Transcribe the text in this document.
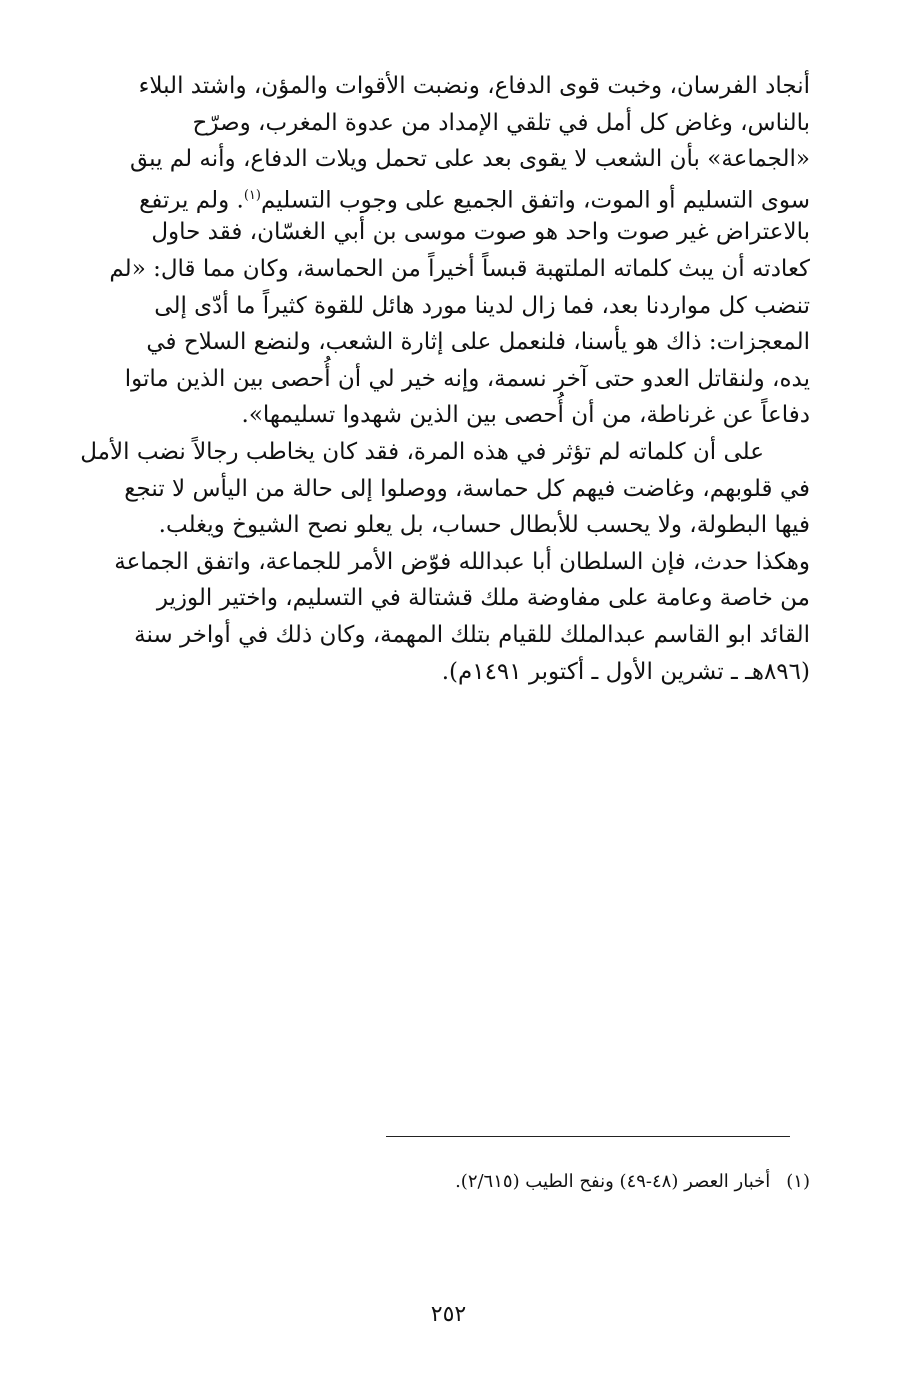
أنجاد الفرسان، وخبت قوى الدفاع، ونضبت الأقوات والمؤن، واشتد البلاء
بالناس، وغاض كل أمل في تلقي الإمداد من عدوة المغرب، وصرّح
«الجماعة» بأن الشعب لا يقوى بعد على تحمل ويلات الدفاع، وأنه لم يبق
سوى التسليم أو الموت، واتفق الجميع على وجوب التسليم$^{(١)}$. ولم يرتفع
بالاعتراض غير صوت واحد هو صوت موسى بن أبي الغسّان، فقد حاول
كعادته أن يبث كلماته الملتهبة قبساً أخيراً من الحماسة، وكان مما قال: «لم
تنضب كل مواردنا بعد، فما زال لدينا مورد هائل للقوة كثيراً ما أدّى إلى
المعجزات: ذاك هو يأسنا، فلنعمل على إثارة الشعب، ولنضع السلاح في
يده، ولنقاتل العدو حتى آخر نسمة، وإنه خير لي أن أُحصى بين الذين ماتوا
دفاعاً عن غرناطة، من أن أُحصى بين الذين شهدوا تسليمها».
على أن كلماته لم تؤثر في هذه المرة، فقد كان يخاطب رجالاً نضب الأمل
في قلوبهم، وغاضت فيهم كل حماسة، ووصلوا إلى حالة من اليأس لا تنجع
فيها البطولة، ولا يحسب للأبطال حساب، بل يعلو نصح الشيوخ ويغلب.
وهكذا حدث، فإن السلطان أبا عبدالله فوّض الأمر للجماعة، واتفق الجماعة
من خاصة وعامة على مفاوضة ملك قشتالة في التسليم، واختير الوزير
القائد ابو القاسم عبدالملك للقيام بتلك المهمة، وكان ذلك في أواخر سنة
(٨٩٦هـ ـ تشرين الأول ـ أكتوبر ١٤٩١م).
(١)أخبار العصر (٤٨-٤٩) ونفح الطيب (٢/٦١٥).
٢٥٢
